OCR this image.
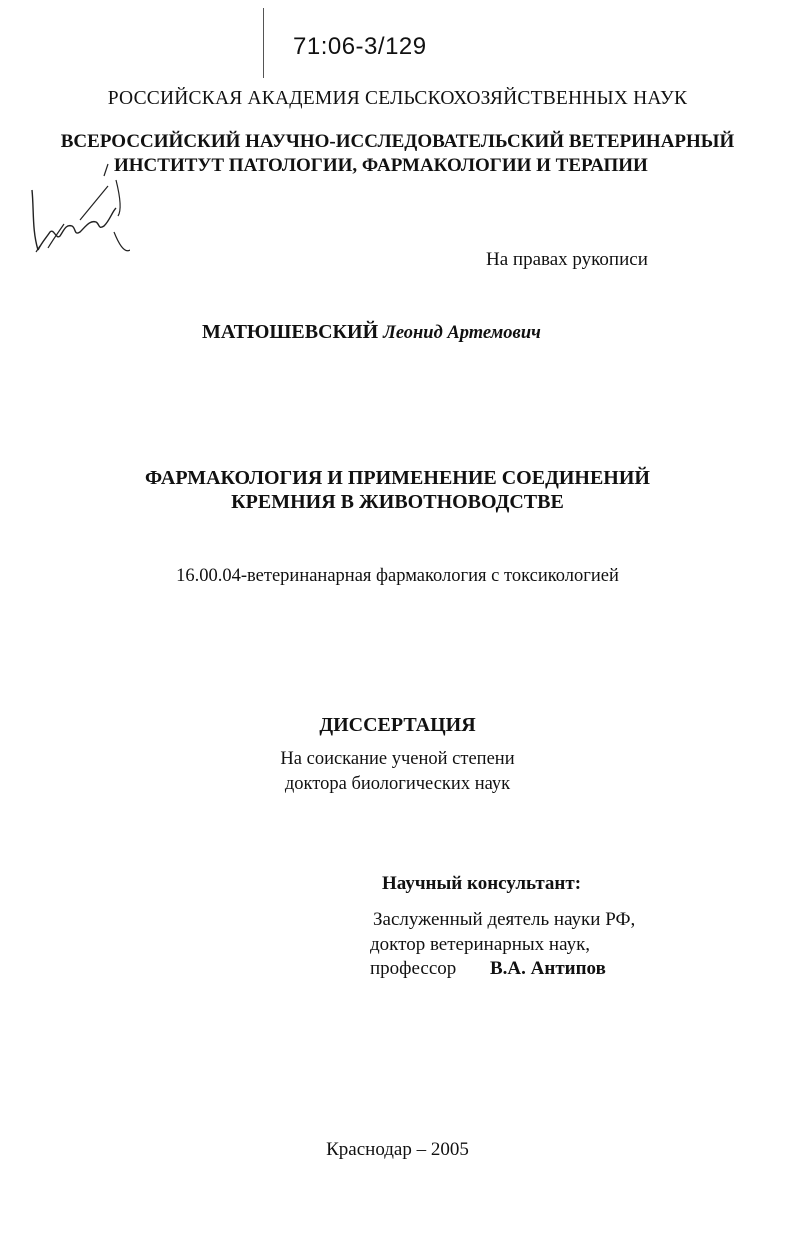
71:06-3/129
РОССИЙСКАЯ АКАДЕМИЯ СЕЛЬСКОХОЗЯЙСТВЕННЫХ НАУК
ВСЕРОССИЙСКИЙ НАУЧНО-ИССЛЕДОВАТЕЛЬСКИЙ ВЕТЕРИНАРНЫЙ
ИНСТИТУТ ПАТОЛОГИИ, ФАРМАКОЛОГИИ И ТЕРАПИИ
На правах рукописи
МАТЮШЕВСКИЙ Леонид Артемович
ФАРМАКОЛОГИЯ И ПРИМЕНЕНИЕ СОЕДИНЕНИЙ
КРЕМНИЯ В ЖИВОТНОВОДСТВЕ
16.00.04-ветеринанарная фармакология с токсикологией
ДИССЕРТАЦИЯ
На соискание ученой степени
доктора биологических наук
Научный консультант:
Заслуженный деятель науки РФ,
доктор ветеринарных наук,
профессор В.А. Антипов
Краснодар – 2005
